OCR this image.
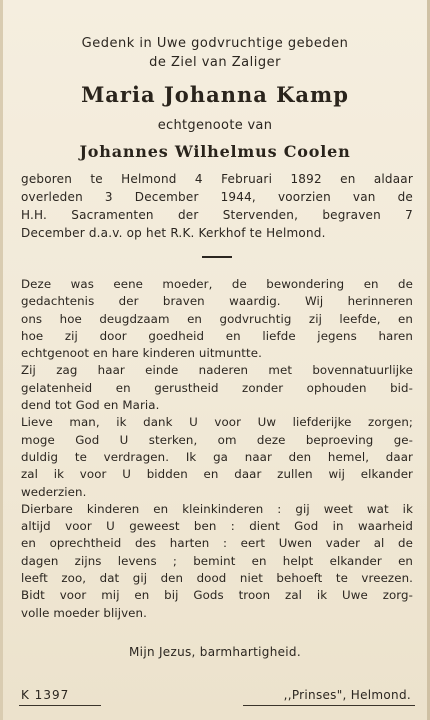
Gedenk in Uwe godvruchtige gebeden
de Ziel van Zaliger
Maria Johanna Kamp
echtgenoote van
Johannes Wilhelmus Coolen
geboren te Helmond 4 Februari 1892 en aldaar
overleden 3 December 1944, voorzien van de
H.H. Sacramenten der Stervenden, begraven 7
December d.a.v. op het R.K. Kerkhof te Helmond.
Deze was eene moeder, de bewondering en de
gedachtenis der braven waardig. Wij herinneren
ons hoe deugdzaam en godvruchtig zij leefde, en
hoe zij door goedheid en liefde jegens haren
echtgenoot en hare kinderen uitmuntte.
Zij zag haar einde naderen met bovennatuurlijke
gelatenheid en gerustheid zonder ophouden bid-
dend tot God en Maria.
Lieve man, ik dank U voor Uw liefderijke zorgen;
moge God U sterken, om deze beproeving ge-
duldig te verdragen. Ik ga naar den hemel, daar
zal ik voor U bidden en daar zullen wij elkander
wederzien.
Dierbare kinderen en kleinkinderen : gij weet wat ik
altijd voor U geweest ben : dient God in waarheid
en oprechtheid des harten : eert Uwen vader al de
dagen zijns levens ; bemint en helpt elkander en
leeft zoo, dat gij den dood niet behoeft te vreezen.
Bidt voor mij en bij Gods troon zal ik Uwe zorg-
volle moeder blijven.
Mijn Jezus, barmhartigheid.
K 1397	,,Prinses", Helmond.
